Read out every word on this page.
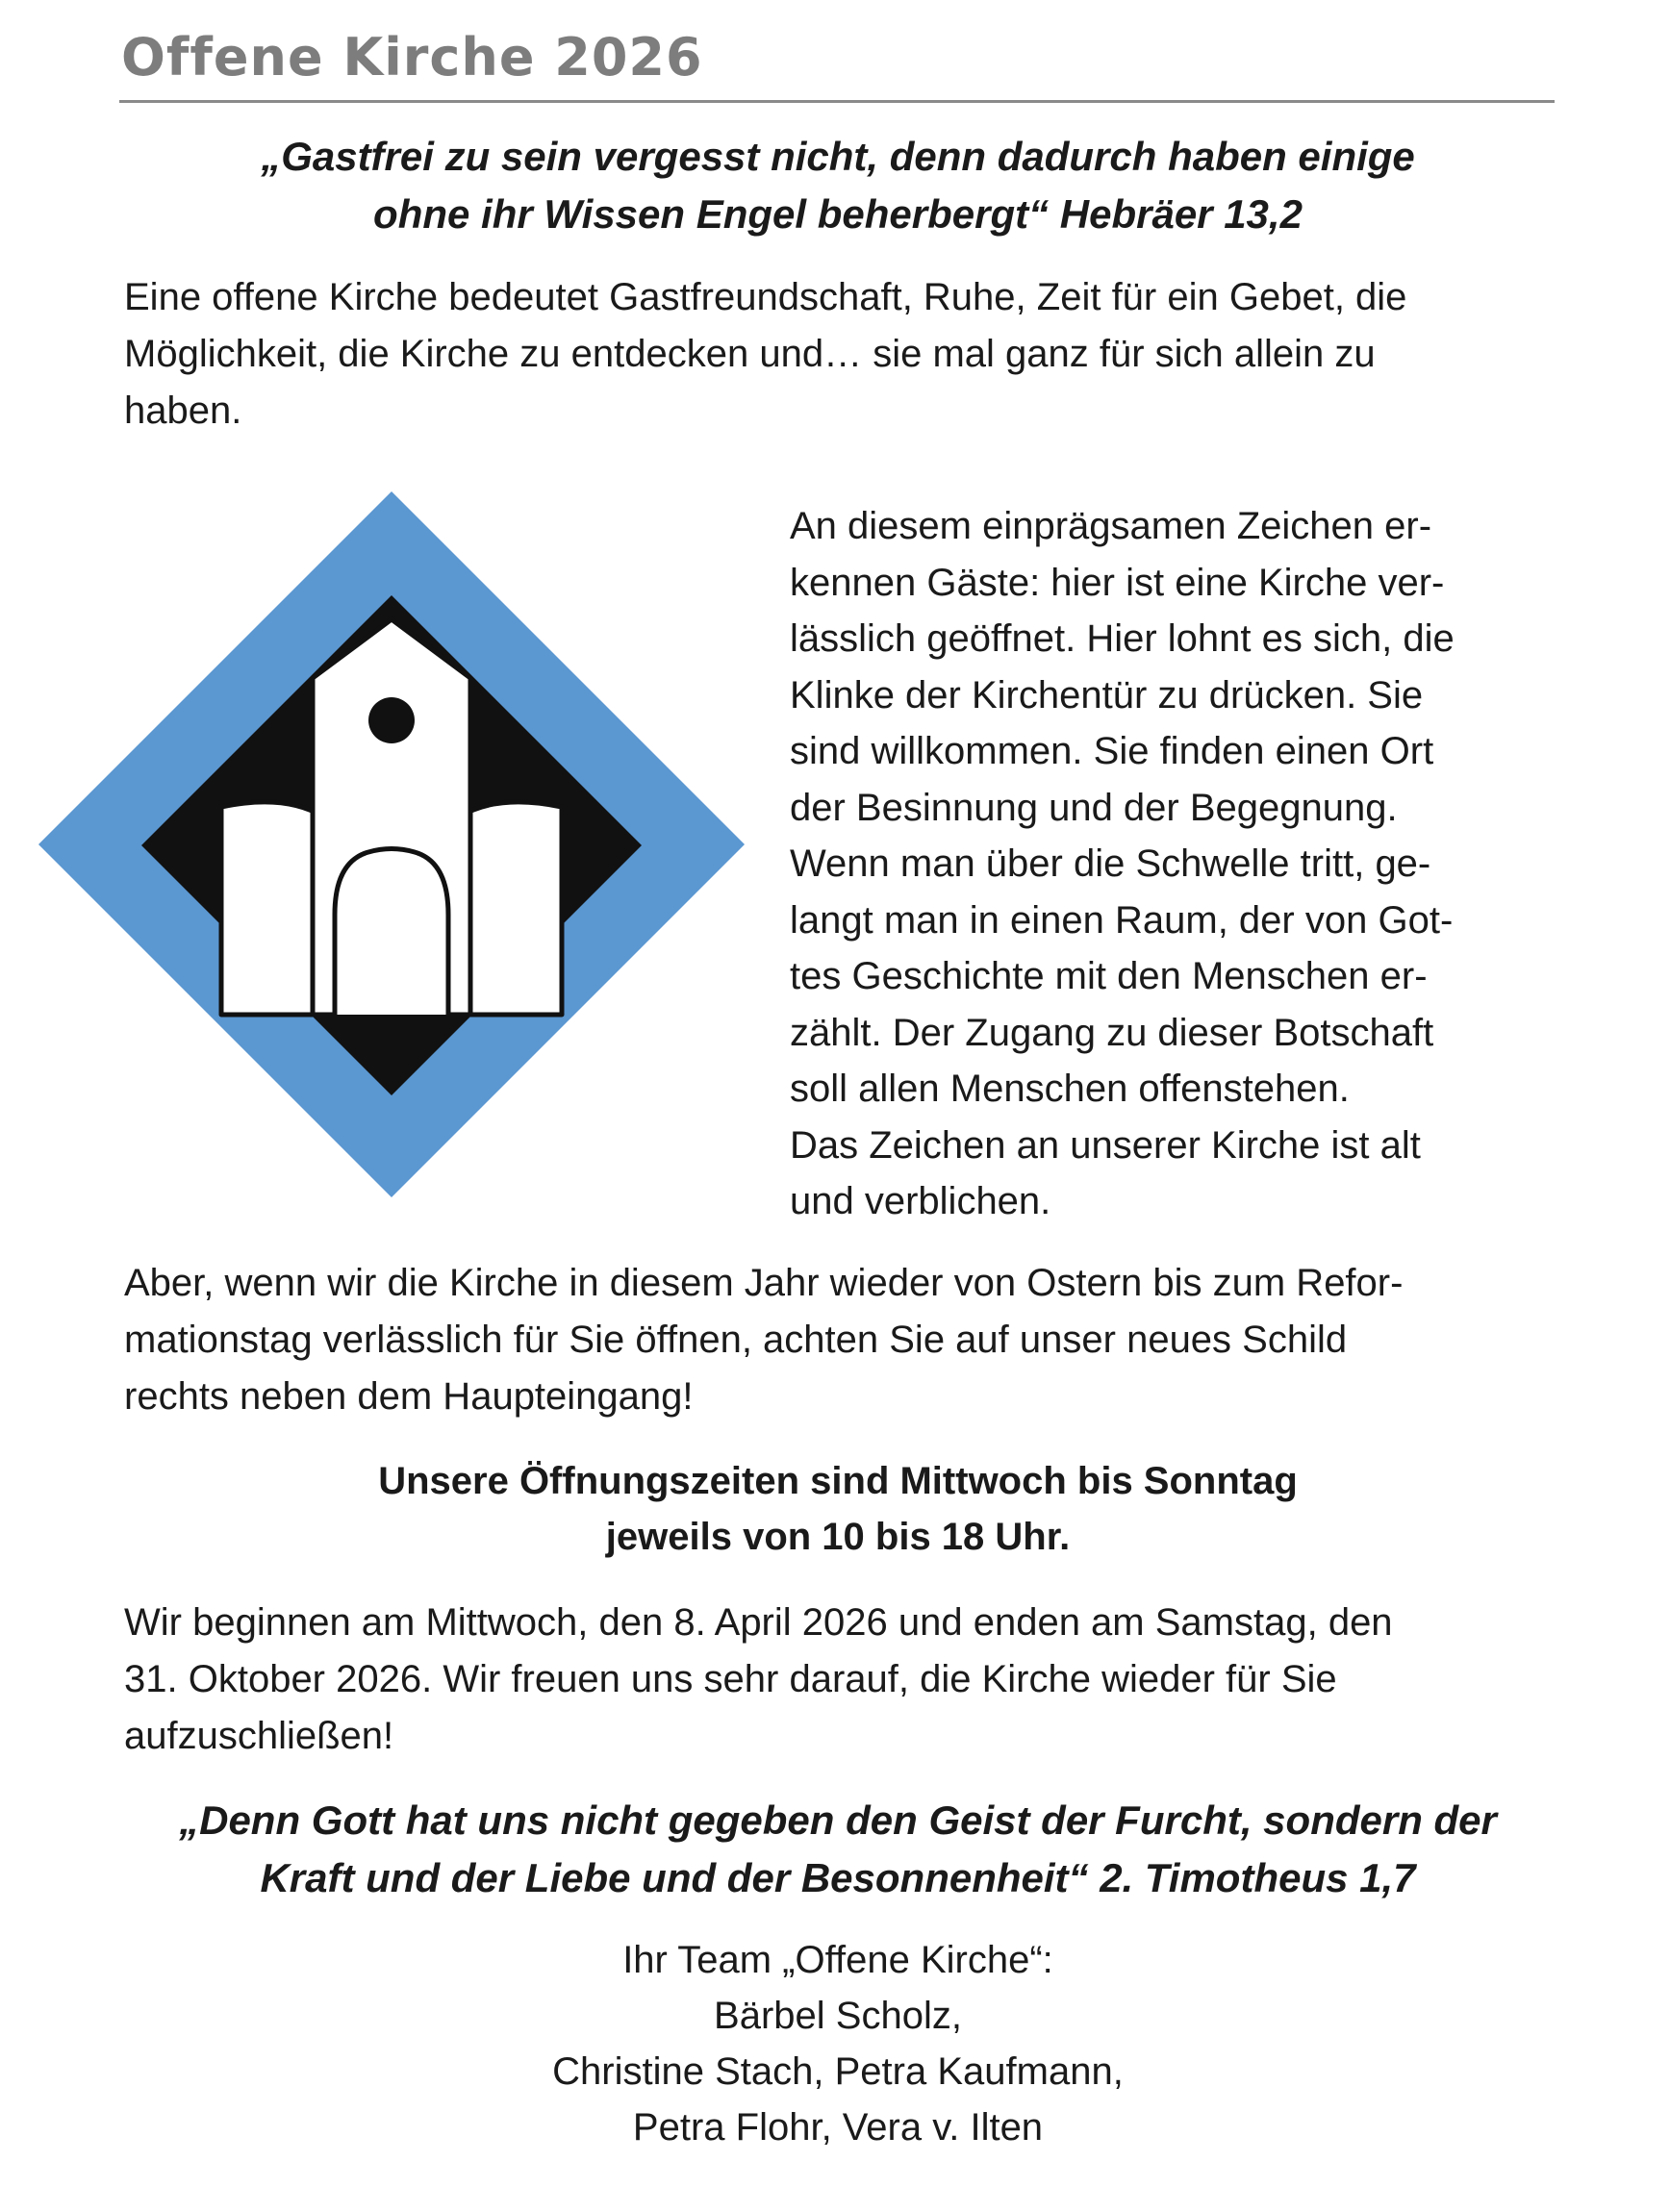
Offene Kirche 2026
„Gastfrei zu sein vergesst nicht, denn dadurch haben einige
ohne ihr Wissen Engel beherbergt“ Hebräer 13,2
Eine offene Kirche bedeutet Gastfreundschaft, Ruhe, Zeit für ein Gebet, die
Möglichkeit, die Kirche zu entdecken und… sie mal ganz für sich allein zu
haben.
An diesem einprägsamen Zeichen er-
kennen Gäste: hier ist eine Kirche ver-
lässlich geöffnet. Hier lohnt es sich, die
Klinke der Kirchentür zu drücken. Sie
sind willkommen. Sie finden einen Ort
der Besinnung und der Begegnung.
Wenn man über die Schwelle tritt, ge-
langt man in einen Raum, der von Got-
tes Geschichte mit den Menschen er-
zählt. Der Zugang zu dieser Botschaft
soll allen Menschen offenstehen.
Das Zeichen an unserer Kirche ist alt
und verblichen.
Aber, wenn wir die Kirche in diesem Jahr wieder von Ostern bis zum Refor-
mationstag verlässlich für Sie öffnen, achten Sie auf unser neues Schild
rechts neben dem Haupteingang!
Unsere Öffnungszeiten sind Mittwoch bis Sonntag
jeweils von 10 bis 18 Uhr.
Wir beginnen am Mittwoch, den 8. April 2026 und enden am Samstag, den
31. Oktober 2026. Wir freuen uns sehr darauf, die Kirche wieder für Sie
aufzuschließen!
„Denn Gott hat uns nicht gegeben den Geist der Furcht, sondern der
Kraft und der Liebe und der Besonnenheit“ 2. Timotheus 1,7
Ihr Team „Offene Kirche“:
Bärbel Scholz,
Christine Stach, Petra Kaufmann,
Petra Flohr, Vera v. Ilten
